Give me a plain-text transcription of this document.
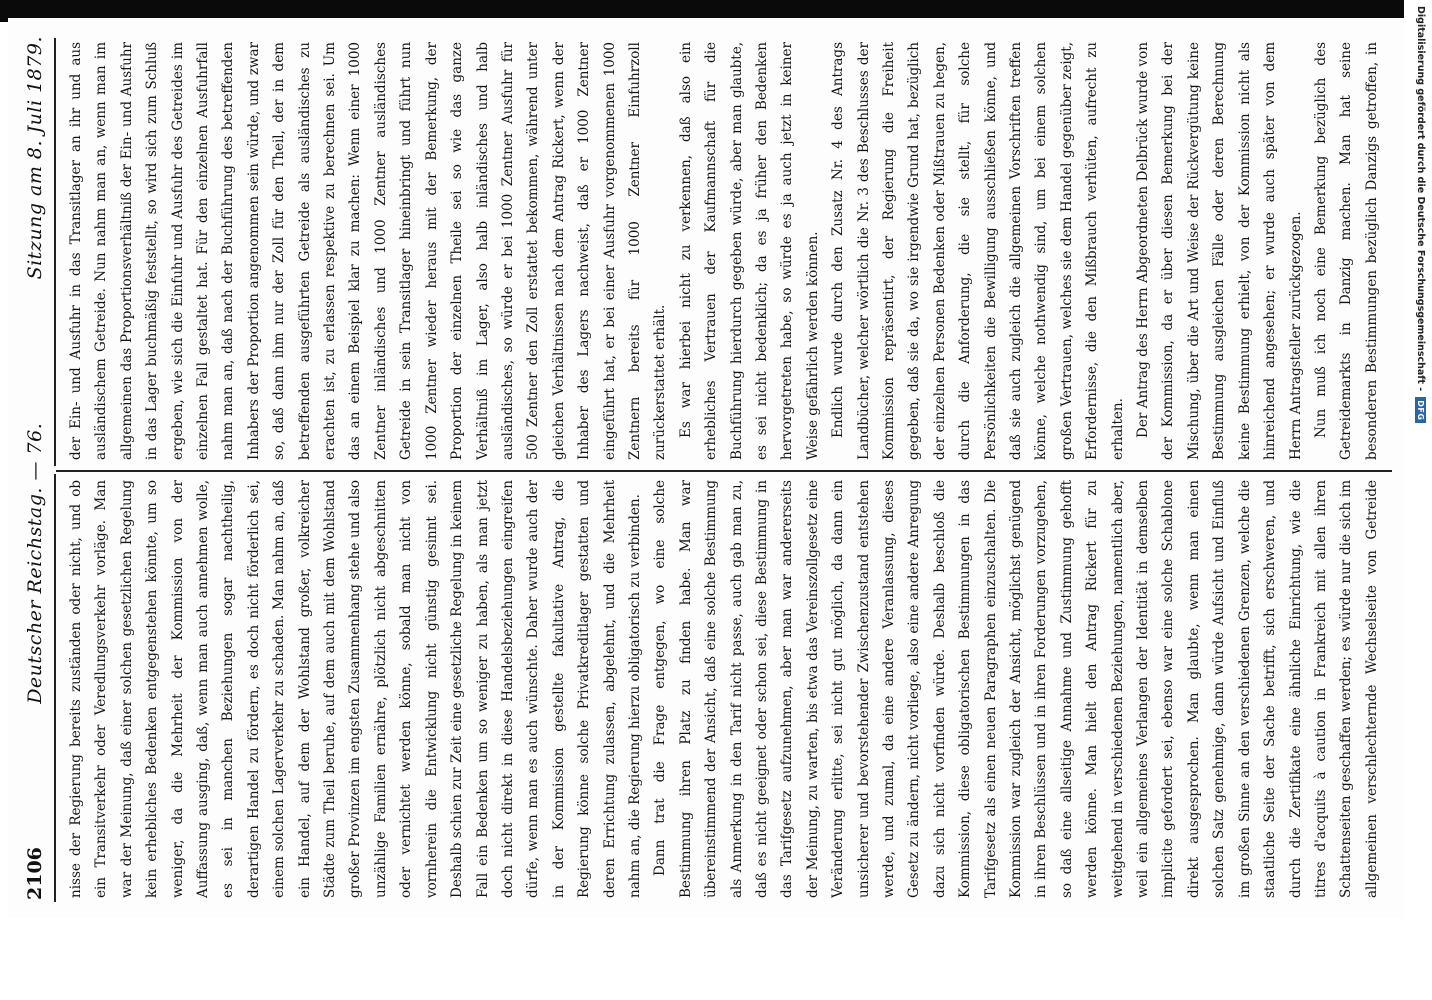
2106
Deutscher Reichstag. — 76.
Sitzung am 8. Juli 1879.

nisse der Regierung bereits zuständen oder nicht, und ob ein Transitverkehr oder Veredlungsverkehr vorläge. Man war der Meinung, daß einer solchen gesetzlichen Regelung kein erhebliches Bedenken entgegenstehen könnte, um so weniger, da die Mehrheit der Kommission von der Auffassung ausging, daß, wenn man auch annehmen wolle, es sei in manchen Beziehungen sogar nachtheilig, derartigen Handel zu fördern, es doch nicht förderlich sei, einem solchen Lagerverkehr zu schaden. Man nahm an, daß ein Handel, auf dem der Wohlstand großer, volkreicher Städte zum Theil beruhe, auf dem auch mit dem Wohlstand großer Provinzen im engsten Zusammenhang stehe und also unzählige Familien ernähre, plötzlich nicht abgeschnitten oder vernichtet werden könne, sobald man nicht von vornherein die Entwicklung nicht günstig gesinnt sei. Deshalb schien zur Zeit eine gesetzliche Regelung in keinem Fall ein Bedenken um so weniger zu haben, als man jetzt doch nicht direkt in diese Handelsbeziehungen eingreifen dürfe, wenn man es auch wünschte. Daher wurde auch der in der Kommission gestellte fakultative Antrag, die Regierung könne solche Privatkreditlager gestatten und deren Errichtung zulassen, abgelehnt, und die Mehrheit nahm an, die Regierung hierzu obligatorisch zu verbinden. Dann trat die Frage entgegen, wo eine solche Bestimmung ihren Platz zu finden habe. Man war übereinstimmend der Ansicht, daß eine solche Bestimmung als Anmerkung in den Tarif nicht passe, auch gab man zu, daß es nicht geeignet oder schon sei, diese Bestimmung in das Tarifgesetz aufzunehmen, aber man war andererseits der Meinung, zu warten, bis etwa das Vereinszollgesetz eine Veränderung erlitte, sei nicht gut möglich, da dann ein unsicherer und bevorstehender Zwischenzustand entstehen werde, und zumal, da eine andere Veranlassung, dieses Gesetz zu ändern, nicht vorliege, also eine andere Anregung dazu sich nicht vorfinden würde. Deshalb beschloß die Kommission, diese obligatorischen Bestimmungen in das Tarifgesetz als einen neuen Paragraphen einzuschalten. Die Kommission war zugleich der Ansicht, möglichst genügend in ihren Beschlüssen und in ihren Forderungen vorzugehen, so daß eine allseitige Annahme und Zustimmung gehofft werden könne. Man hielt den Antrag Rickert für zu weitgehend in verschiedenen Beziehungen, namentlich aber, weil ein allgemeines Verlangen der Identität in demselben implicite gefordert sei, ebenso war eine solche Schablone direkt ausgesprochen. Man glaubte, wenn man einen solchen Satz genehmige, dann würde Aufsicht und Einfluß im großen Sinne an den verschiedenen Grenzen, welche die staatliche Seite der Sache betrifft, sich erschweren, und durch die Zertifikate eine ähnliche Einrichtung, wie die titres d'acquits à caution in Frankreich mit allen ihren Schattenseiten geschaffen werden; es würde nur die sich im allgemeinen verschlechternde Wechselseite von Getreide

der Ein- und Ausfuhr in das Transitlager an ihr und aus ausländischem Getreide. Nun nahm man an, wenn man im allgemeinen das Proportionsverhältniß der Ein- und Ausfuhr in das Lager buchmäßig feststellt, so wird sich zum Schluß ergeben, wie sich die Einfuhr und Ausfuhr des Getreides im einzelnen Fall gestaltet hat. Für den einzelnen Ausfuhrfall nahm man an, daß nach der Buchführung des betreffenden Inhabers der Proportion angenommen sein würde, und zwar so, daß dann ihm nur der Zoll für den Theil, der in dem betreffenden ausgeführten Getreide als ausländisches zu erachten ist, zu erlassen respektive zu berechnen sei. Um das an einem Beispiel klar zu machen: Wenn einer 1000 Zentner inländisches und 1000 Zentner ausländisches Getreide in sein Transitlager hineinbringt und führt nun 1000 Zentner wieder heraus mit der Bemerkung, der Proportion der einzelnen Theile sei so wie das ganze Verhältniß im Lager, also halb inländisches und halb ausländisches, so würde er bei 1000 Zentner Ausfuhr für 500 Zentner den Zoll erstattet bekommen, während unter gleichen Verhältnissen nach dem Antrag Rickert, wenn der Inhaber des Lagers nachweist, daß er 1000 Zentner eingeführt hat, er bei einer Ausfuhr vorgenommenen 1000 Zentnern bereits für 1000 Zentner Einfuhrzoll zurückerstattet erhält. Es war hierbei nicht zu verkennen, daß also ein erhebliches Vertrauen der Kaufmannschaft für die Buchführung hierdurch gegeben würde, aber man glaubte, es sei nicht bedenklich; da es ja früher den Bedenken hervorgetreten habe, so würde es ja auch jetzt in keiner Weise gefährlich werden können. Endlich wurde durch den Zusatz Nr. 4 des Antrags Landbücher, welcher wörtlich die Nr. 3 des Beschlusses der Kommission repräsentirt, der Regierung die Freiheit gegeben, daß sie da, wo sie irgendwie Grund hat, bezüglich der einzelnen Personen Bedenken oder Mißtrauen zu hegen, durch die Anforderung, die sie stellt, für solche Persönlichkeiten die Bewilligung ausschließen könne, und daß sie auch zugleich die allgemeinen Vorschriften treffen könne, welche nothwendig sind, um bei einem solchen großen Vertrauen, welches sie dem Handel gegenüber zeigt, Erfordernisse, die den Mißbrauch verhüten, aufrecht zu erhalten. Der Antrag des Herrn Abgeordneten Delbrück wurde von der Kommission, da er über diesen Bemerkung bei der Mischung, über die Art und Weise der Rückvergütung keine Bestimmung ausgleichen Fälle oder deren Berechnung keine Bestimmung erhielt, von der Kommission nicht als hinreichend angesehen; er wurde auch später von dem Herrn Antragsteller zurückgezogen. Nun muß ich noch eine Bemerkung bezüglich des Getreidemarkts in Danzig machen. Man hat seine besonderen Bestimmungen bezüglich Danzigs getroffen, in	Digitalisierung gefördert durch die Deutsche Forschungsgemeinschaft -
DFG
